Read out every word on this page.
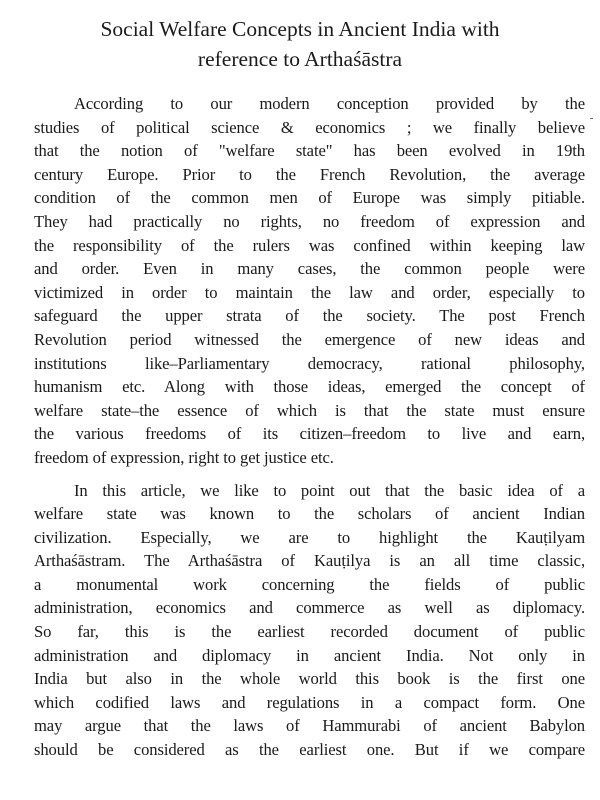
Social Welfare Concepts in Ancient India with
reference to Arthaśāstra

According to our modern conception provided by the
studies of political science & economics ; we finally believe
that the notion of "welfare state" has been evolved in 19th
century Europe. Prior to the French Revolution, the average
condition of the common men of Europe was simply pitiable.
They had practically no rights, no freedom of expression and
the responsibility of the rulers was confined within keeping law
and order. Even in many cases, the common people were
victimized in order to maintain the law and order, especially to
safeguard the upper strata of the society. The post French
Revolution period witnessed the emergence of new ideas and
institutions like–Parliamentary democracy, rational philosophy,
humanism etc. Along with those ideas, emerged the concept of
welfare state–the essence of which is that the state must ensure
the various freedoms of its citizen–freedom to live and earn,
freedom of expression, right to get justice etc.

In this article, we like to point out that the basic idea of a
welfare state was known to the scholars of ancient Indian
civilization. Especially, we are to highlight the Kauṭilyam
Arthaśāstram. The Arthaśāstra of Kauṭilya is an all time classic,
a monumental work concerning the fields of public
administration, economics and commerce as well as diplomacy.
So far, this is the earliest recorded document of public
administration and diplomacy in ancient India. Not only in
India but also in the whole world this book is the first one
which codified laws and regulations in a compact form. One
may argue that the laws of Hammurabi of ancient Babylon
should be considered as the earliest one. But if we compare
